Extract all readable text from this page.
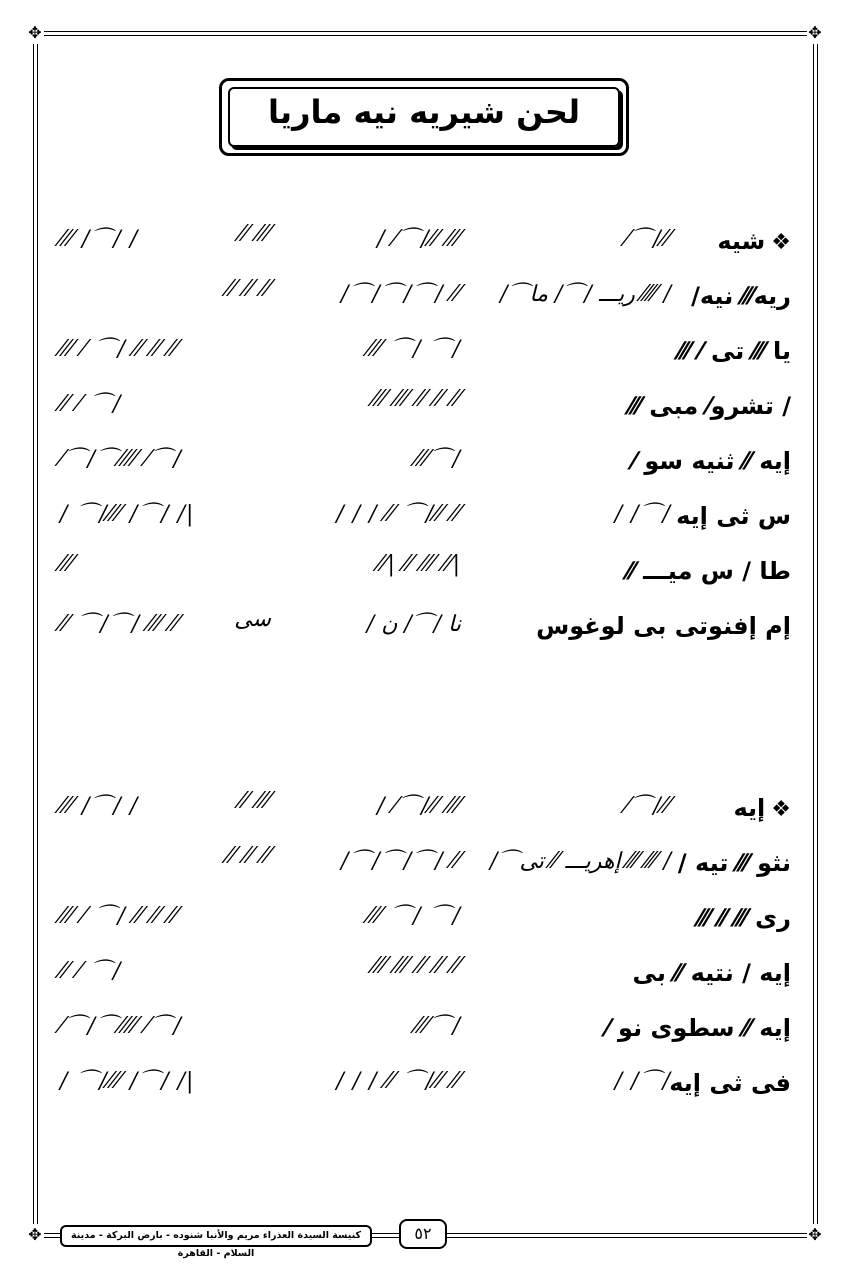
✥	✥
✥	✥
لحن شيريه نيه ماريا
❖شيه
⁄⌒/⁄⁄
/ ⁄⌒/⁄⁄ ⁄⁄⁄
⁄⁄ ⁄⁄⁄
⁄⁄⁄ /⌒/ /
ريه⁄⁄⁄ نيه/
/⌒ريـــ /⌒/ ما ⁄⁄⁄⁄ /
/⌒/⌒/⌒/ ⁄⁄
⁄⁄ ⁄⁄ ⁄⁄
يا ⁄⁄⁄ تى ⁄ ⁄⁄⁄
⁄⁄⁄ ⌒/ ⌒/
⁄⁄⁄ ⁄ ⌒/ ⁄⁄ ⁄⁄ ⁄⁄
/ تشرو⁄ مبى ⁄⁄⁄
⁄⁄⁄ ⁄⁄⁄ ⁄⁄ ⁄⁄ ⁄⁄
⁄⁄ ⁄ ⌒/
إيه ⁄⁄ ثنيه سو ⁄
⁄⁄⁄⌒/
⁄⌒/⌒⁄⁄⁄⁄ ⁄⌒/
س ثى إيه
/ /⌒/
/ / / ⁄⁄ ⌒/⁄⁄ ⁄⁄
/ ⌒/⁄⁄⁄ /⌒/ /|
طا / س ميـــ ⁄⁄
⁄⁄| ⁄⁄ ⁄⁄⁄ ⁄⁄|
⁄⁄⁄
إم إفنوتى بى لوغوس
/ نا /⌒/ ن
سى
⁄⁄ ⌒/⌒/ ⁄⁄⁄ ⁄⁄
❖إيه
⁄⌒/⁄⁄
/ ⁄⌒/⁄⁄ ⁄⁄⁄
⁄⁄ ⁄⁄⁄
⁄⁄⁄ /⌒/ /
نثو ⁄⁄⁄ تيه /
/⌒إهريـــ ⁄⁄ تى ⁄⁄⁄ ⁄⁄⁄ /
/⌒/⌒/⌒/ ⁄⁄
⁄⁄ ⁄⁄ ⁄⁄
رى ⁄⁄⁄ ⁄⁄ ⁄⁄⁄
⁄⁄⁄ ⌒/ ⌒/
⁄⁄⁄ ⁄ ⌒/ ⁄⁄ ⁄⁄ ⁄⁄
إيه / نتيه ⁄⁄ بى
⁄⁄⁄ ⁄⁄⁄ ⁄⁄ ⁄⁄ ⁄⁄
⁄⁄ ⁄ ⌒/
إيه ⁄⁄ سطوى نو ⁄
⁄⁄⁄⌒/
⁄⌒/⌒⁄⁄⁄⁄ ⁄⌒/
فى ثى إيه
/ /⌒/
/ / / ⁄⁄ ⌒/⁄⁄ ⁄⁄
/ ⌒/⁄⁄⁄ /⌒/ /|
كنيسة السيدة العذراء مريم والأنبا شنوده - بارض البركة - مدينة السلام - القاهرة
٥٢
